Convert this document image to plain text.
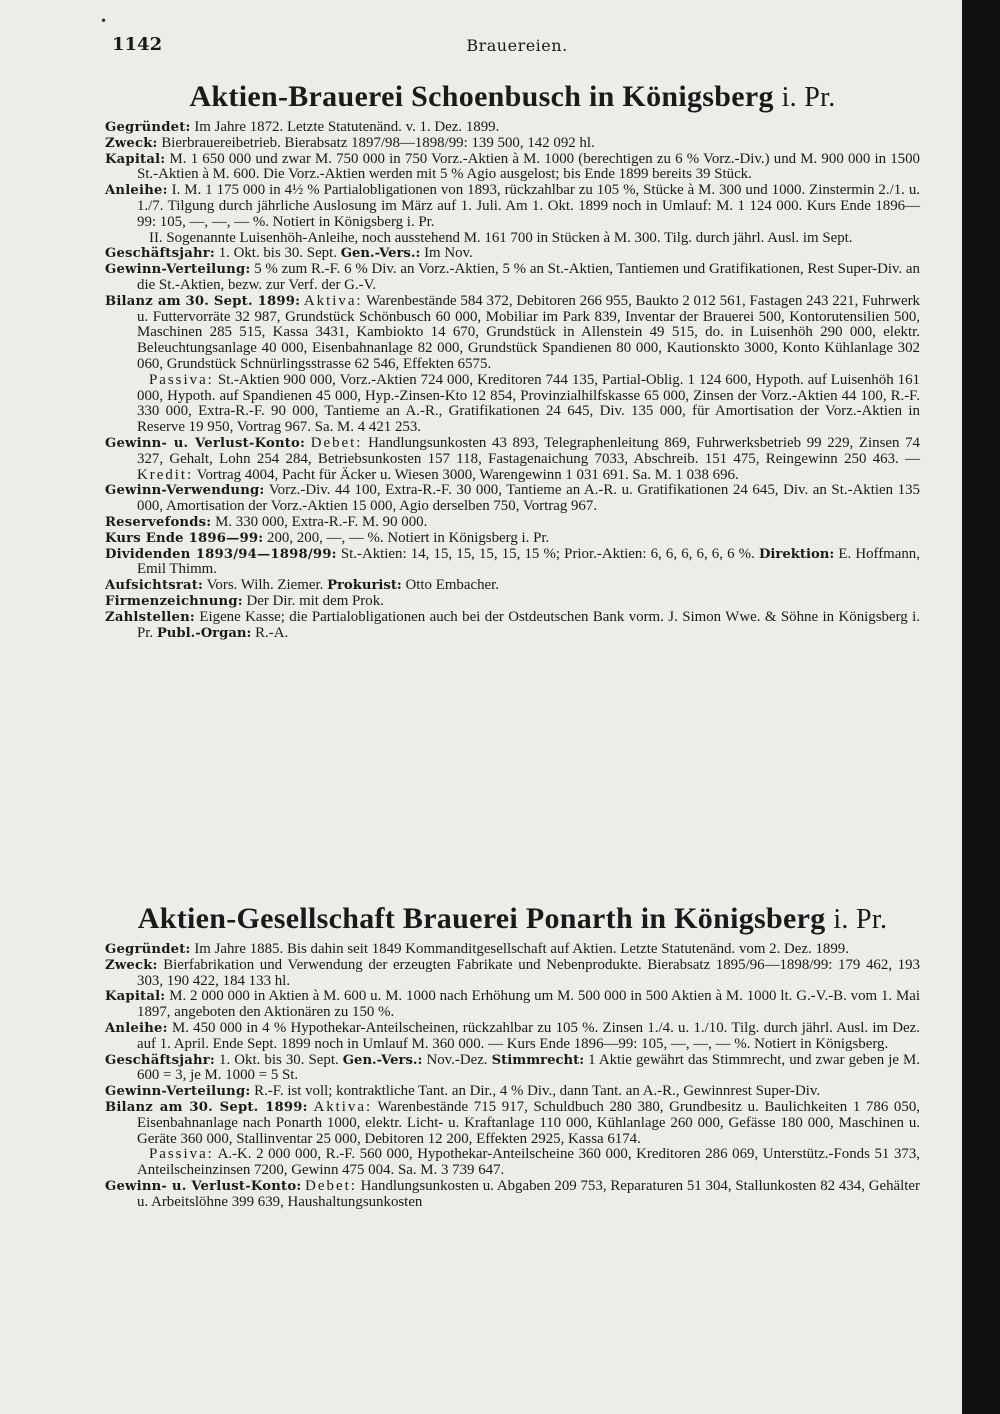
1142	Brauereien.
•
Aktien-Brauerei Schoenbusch in Königsberg i. Pr.

Gegründet: Im Jahre 1872. Letzte Statutenänd. v. 1. Dez. 1899.

Zweck: Bierbrauereibetrieb. Bierabsatz 1897/98—1898/99: 139 500, 142 092 hl.

Kapital: M. 1 650 000 und zwar M. 750 000 in 750 Vorz.-Aktien à M. 1000 (berechtigen zu 6 % Vorz.-Div.) und M. 900 000 in 1500 St.-Aktien à M. 600. Die Vorz.-Aktien werden mit 5 % Agio ausgelost; bis Ende 1899 bereits 39 Stück.

Anleihe: I. M. 1 175 000 in 4½ % Partialobligationen von 1893, rückzahlbar zu 105 %, Stücke à M. 300 und 1000. Zinstermin 2./1. u. 1./7. Tilgung durch jährliche Auslosung im März auf 1. Juli. Am 1. Okt. 1899 noch in Umlauf: M. 1 124 000. Kurs Ende 1896—99: 105, —, —, — %. Notiert in Königsberg i. Pr.

II. Sogenannte Luisenhöh-Anleihe, noch ausstehend M. 161 700 in Stücken à M. 300. Tilg. durch jährl. Ausl. im Sept.

Geschäftsjahr: 1. Okt. bis 30. Sept. Gen.-Vers.: Im Nov.

Gewinn-Verteilung: 5 % zum R.-F. 6 % Div. an Vorz.-Aktien, 5 % an St.-Aktien, Tantiemen und Gratifikationen, Rest Super-Div. an die St.-Aktien, bezw. zur Verf. der G.-V.

Bilanz am 30. Sept. 1899: Aktiva: Warenbestände 584 372, Debitoren 266 955, Baukto 2 012 561, Fastagen 243 221, Fuhrwerk u. Futtervorräte 32 987, Grundstück Schönbusch 60 000, Mobiliar im Park 839, Inventar der Brauerei 500, Kontorutensilien 500, Maschinen 285 515, Kassa 3431, Kambiokto 14 670, Grundstück in Allenstein 49 515, do. in Luisenhöh 290 000, elektr. Beleuchtungsanlage 40 000, Eisenbahnanlage 82 000, Grundstück Spandienen 80 000, Kautionskto 3000, Konto Kühlanlage 302 060, Grundstück Schnürlingsstrasse 62 546, Effekten 6575.

Passiva: St.-Aktien 900 000, Vorz.-Aktien 724 000, Kreditoren 744 135, Partial-Oblig. 1 124 600, Hypoth. auf Luisenhöh 161 000, Hypoth. auf Spandienen 45 000, Hyp.-Zinsen-Kto 12 854, Provinzialhilfskasse 65 000, Zinsen der Vorz.-Aktien 44 100, R.-F. 330 000, Extra-R.-F. 90 000, Tantieme an A.-R., Gratifikationen 24 645, Div. 135 000, für Amortisation der Vorz.-Aktien in Reserve 19 950, Vortrag 967. Sa. M. 4 421 253.

Gewinn- u. Verlust-Konto: Debet: Handlungsunkosten 43 893, Telegraphenleitung 869, Fuhrwerksbetrieb 99 229, Zinsen 74 327, Gehalt, Lohn 254 284, Betriebsunkosten 157 118, Fastagenaichung 7033, Abschreib. 151 475, Reingewinn 250 463. — Kredit: Vortrag 4004, Pacht für Äcker u. Wiesen 3000, Warengewinn 1 031 691. Sa. M. 1 038 696.

Gewinn-Verwendung: Vorz.-Div. 44 100, Extra-R.-F. 30 000, Tantieme an A.-R. u. Gratifikationen 24 645, Div. an St.-Aktien 135 000, Amortisation der Vorz.-Aktien 15 000, Agio derselben 750, Vortrag 967.

Reservefonds: M. 330 000, Extra-R.-F. M. 90 000.

Kurs Ende 1896—99: 200, 200, —, — %. Notiert in Königsberg i. Pr.

Dividenden 1893/94—1898/99: St.-Aktien: 14, 15, 15, 15, 15, 15 %; Prior.-Aktien: 6, 6, 6, 6, 6, 6 %. Direktion: E. Hoffmann, Emil Thimm.

Aufsichtsrat: Vors. Wilh. Ziemer. Prokurist: Otto Embacher.

Firmenzeichnung: Der Dir. mit dem Prok.

Zahlstellen: Eigene Kasse; die Partialobligationen auch bei der Ostdeutschen Bank vorm. J. Simon Wwe. & Söhne in Königsberg i. Pr. Publ.-Organ: R.-A.

Aktien-Gesellschaft Brauerei Ponarth in Königsberg i. Pr.

Gegründet: Im Jahre 1885. Bis dahin seit 1849 Kommanditgesellschaft auf Aktien. Letzte Statutenänd. vom 2. Dez. 1899.

Zweck: Bierfabrikation und Verwendung der erzeugten Fabrikate und Nebenprodukte. Bierabsatz 1895/96—1898/99: 179 462, 193 303, 190 422, 184 133 hl.

Kapital: M. 2 000 000 in Aktien à M. 600 u. M. 1000 nach Erhöhung um M. 500 000 in 500 Aktien à M. 1000 lt. G.-V.-B. vom 1. Mai 1897, angeboten den Aktionären zu 150 %.

Anleihe: M. 450 000 in 4 % Hypothekar-Anteilscheinen, rückzahlbar zu 105 %. Zinsen 1./4. u. 1./10. Tilg. durch jährl. Ausl. im Dez. auf 1. April. Ende Sept. 1899 noch in Umlauf M. 360 000. — Kurs Ende 1896—99: 105, —, —, — %. Notiert in Königsberg.

Geschäftsjahr: 1. Okt. bis 30. Sept. Gen.-Vers.: Nov.-Dez. Stimmrecht: 1 Aktie gewährt das Stimmrecht, und zwar geben je M. 600 = 3, je M. 1000 = 5 St.

Gewinn-Verteilung: R.-F. ist voll; kontraktliche Tant. an Dir., 4 % Div., dann Tant. an A.-R., Gewinnrest Super-Div.

Bilanz am 30. Sept. 1899: Aktiva: Warenbestände 715 917, Schuldbuch 280 380, Grundbesitz u. Baulichkeiten 1 786 050, Eisenbahnanlage nach Ponarth 1000, elektr. Licht- u. Kraftanlage 110 000, Kühlanlage 260 000, Gefässe 180 000, Maschinen u. Geräte 360 000, Stallinventar 25 000, Debitoren 12 200, Effekten 2925, Kassa 6174.

Passiva: A.-K. 2 000 000, R.-F. 560 000, Hypothekar-Anteilscheine 360 000, Kreditoren 286 069, Unterstütz.-Fonds 51 373, Anteilscheinzinsen 7200, Gewinn 475 004. Sa. M. 3 739 647.

Gewinn- u. Verlust-Konto: Debet: Handlungsunkosten u. Abgaben 209 753, Reparaturen 51 304, Stallunkosten 82 434, Gehälter u. Arbeitslöhne 399 639, Haushaltungsunkosten
